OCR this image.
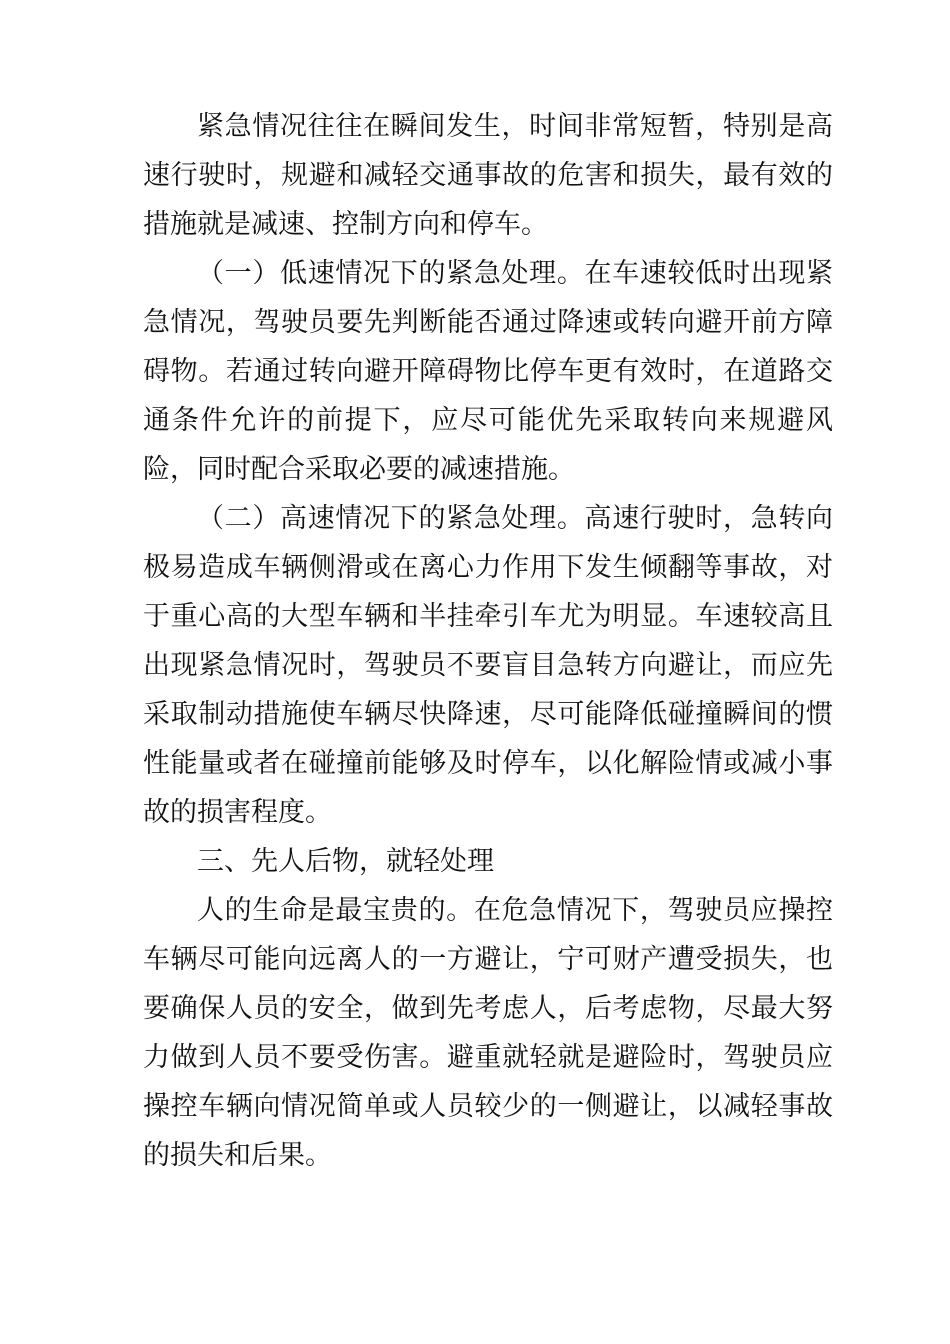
紧急情况往往在瞬间发生，时间非常短暂，特别是高速行驶时，规避和减轻交通事故的危害和损失，最有效的措施就是减速、控制方向和停车。

（一）低速情况下的紧急处理。在车速较低时出现紧急情况，驾驶员要先判断能否通过降速或转向避开前方障碍物。若通过转向避开障碍物比停车更有效时，在道路交通条件允许的前提下，应尽可能优先采取转向来规避风险，同时配合采取必要的减速措施。

（二）高速情况下的紧急处理。高速行驶时，急转向极易造成车辆侧滑或在离心力作用下发生倾翻等事故，对于重心高的大型车辆和半挂牵引车尤为明显。车速较高且出现紧急情况时，驾驶员不要盲目急转方向避让，而应先采取制动措施使车辆尽快降速，尽可能降低碰撞瞬间的惯性能量或者在碰撞前能够及时停车，以化解险情或减小事故的损害程度。

三、先人后物，就轻处理

人的生命是最宝贵的。在危急情况下，驾驶员应操控车辆尽可能向远离人的一方避让，宁可财产遭受损失，也要确保人员的安全，做到先考虑人，后考虑物，尽最大努力做到人员不要受伤害。避重就轻就是避险时，驾驶员应操控车辆向情况简单或人员较少的一侧避让，以减轻事故的损失和后果。
